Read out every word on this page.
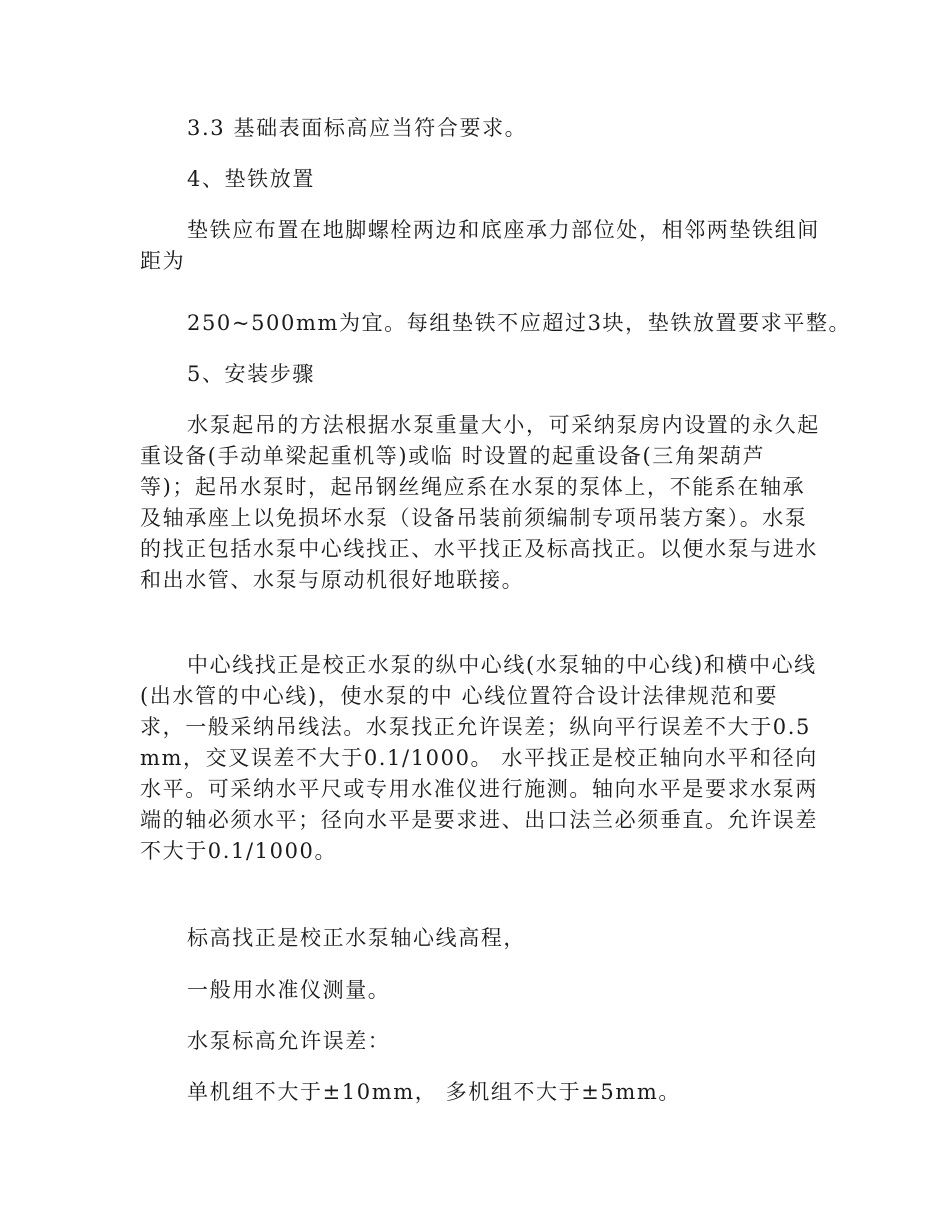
3.3 基础表面标高应当符合要求。

4、垫铁放置

垫铁应布置在地脚螺栓两边和底座承力部位处，相邻两垫铁组间距为

250~500mm为宜。每组垫铁不应超过3块，垫铁放置要求平整。

5、安装步骤

水泵起吊的方法根据水泵重量大小，可采纳泵房内设置的永久起重设备(手动单梁起重机等)或临 时设置的起重设备(三角架葫芦等)；起吊水泵时，起吊钢丝绳应系在水泵的泵体上，不能系在轴承及轴承座上以免损坏水泵（设备吊装前须编制专项吊装方案）。水泵的找正包括水泵中心线找正、水平找正及标高找正。以便水泵与进水和出水管、水泵与原动机很好地联接。

中心线找正是校正水泵的纵中心线(水泵轴的中心线)和横中心线(出水管的中心线)，使水泵的中 心线位置符合设计法律规范和要求，一般采纳吊线法。水泵找正允许误差；纵向平行误差不大于0.5mm，交叉误差不大于0.1/1000。 水平找正是校正轴向水平和径向水平。可采纳水平尺或专用水准仪进行施测。轴向水平是要求水泵两端的轴必须水平；径向水平是要求进、出口法兰必须垂直。允许误差不大于0.1/1000。

标高找正是校正水泵轴心线高程，

一般用水准仪测量。

水泵标高允许误差：

单机组不大于±10mm， 多机组不大于±5mm。
